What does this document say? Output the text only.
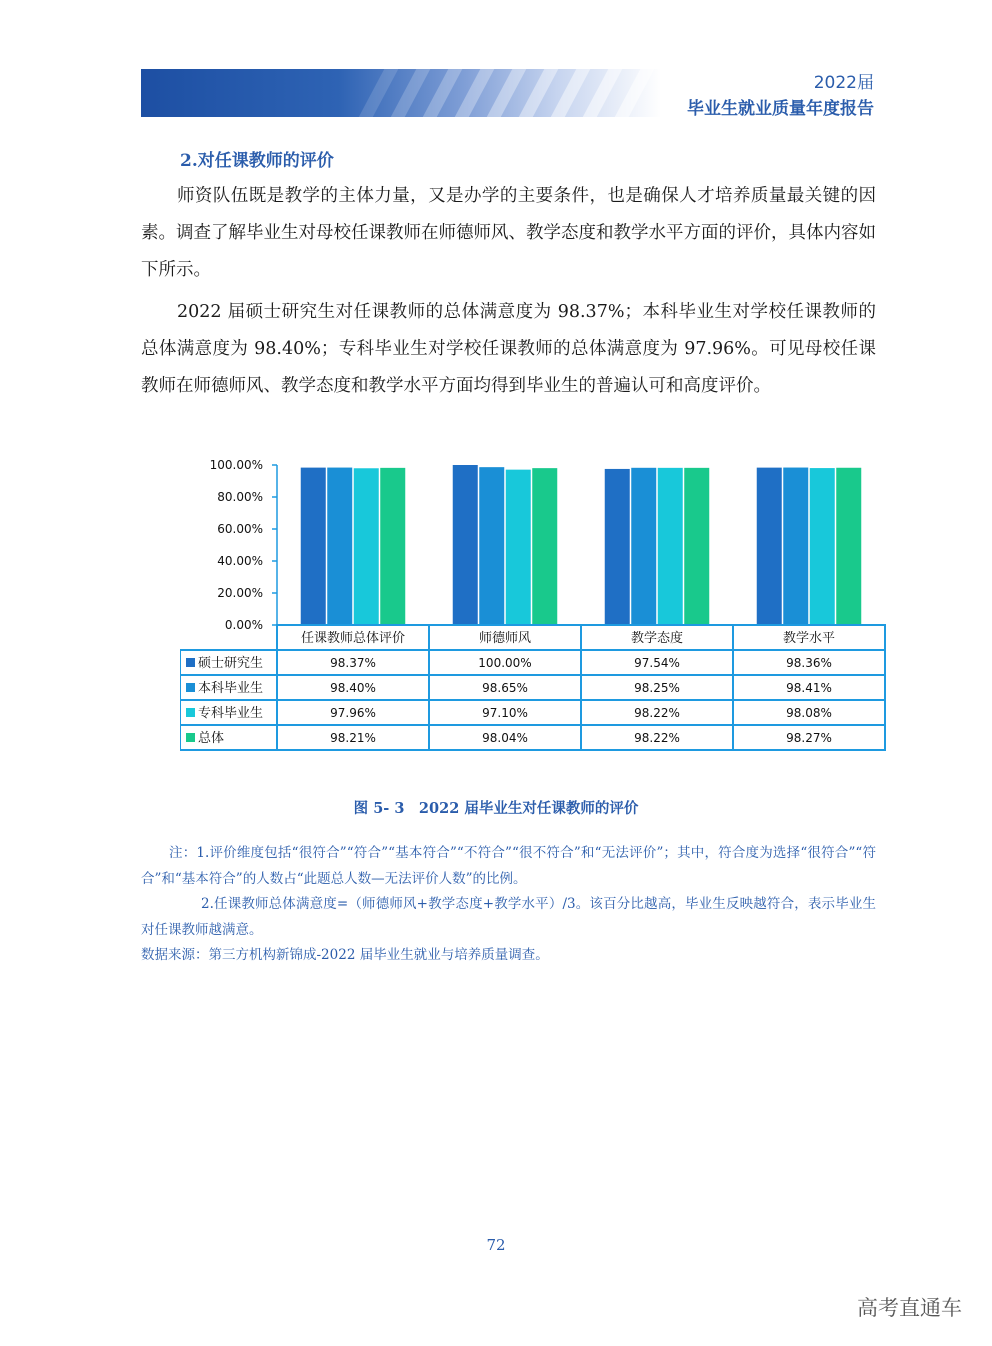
2022届
毕业生就业质量年度报告
2.对任课教师的评价

师资队伍既是教学的主体力量，又是办学的主要条件，也是确保人才培养质量最关键的因素。调查了解毕业生对母校任课教师在师德师风、教学态度和教学水平方面的评价，具体内容如下所示。

2022 届硕士研究生对任课教师的总体满意度为 98.37%；本科毕业生对学校任课教师的总体满意度为 98.40%；专科毕业生对学校任课教师的总体满意度为 97.96%。可见母校任课教师在师德师风、教学态度和教学水平方面均得到毕业生的普遍认可和高度评价。

0.00%
20.00%
40.00%
60.00%
80.00%
100.00%
任课教师总体评价	师德师风	教学态度	教学水平
硕士研究生	98.37%	100.00%	97.54%	98.36%
本科毕业生	98.40%	98.65%	98.25%	98.41%
专科毕业生	97.96%	97.10%	98.22%	98.08%
总体	98.21%	98.04%	98.22%	98.27%
图 5- 3　2022 届毕业生对任课教师的评价

注：1.评价维度包括“很符合”“符合”“基本符合”“不符合”“很不符合”和“无法评价”；其中，符合度为选择“很符合”“符合”和“基本符合”的人数占“此题总人数—无法评价人数”的比例。

2.任课教师总体满意度=（师德师风+教学态度+教学水平）/3。该百分比越高，毕业生反映越符合，表示毕业生对任课教师越满意。

数据来源：第三方机构新锦成-2022 届毕业生就业与培养质量调查。

72
高考直通车
